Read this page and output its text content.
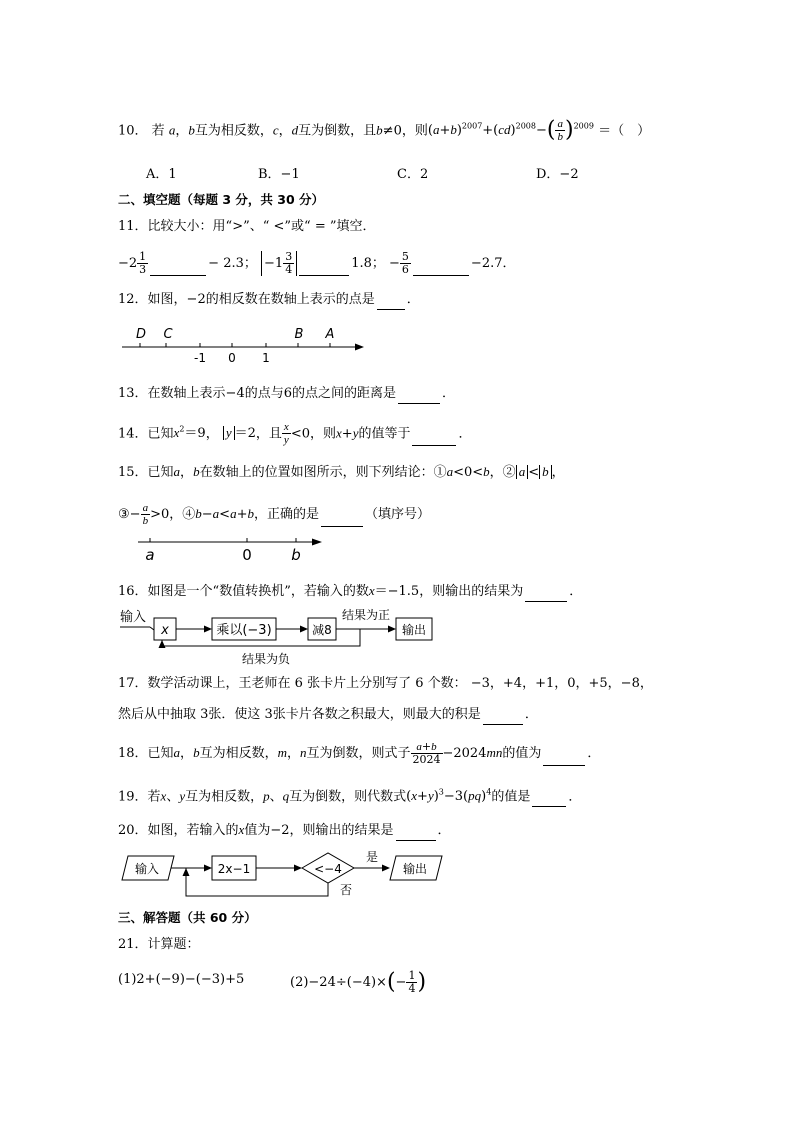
10． 若 a，b互为相反数，c，d互为倒数，且b≠0，则$(a+b)^{2007}+(cd)^{2008}-( \frac{a}{b} )^{2009}$ ＝（　）
A．1	B．−1	C．2	D．−2
二、填空题（每题 3 分，共 30 分）
11．比较大小：用“>”、“ <”或“ = ”填空．
$-2 \frac{1}{3}$	− 2.3； $-1 \frac{3}{4}$	1.8； − $\frac{5}{6}$	−2.7．
12．如图，−2的相反数在数轴上表示的点是 ．
D C	B A
-1 0 1
13．在数轴上表示−4的点与6的点之间的距离是	．
14．已知$x^2=9$， y ＝2，且 $\frac{x}{y} <0$，则x+y的值等于	．
15．已知a，b在数轴上的位置如图所示，则下列结论：①a<0<b，② a < b ，
③− $\frac{a}{b} >0$，④b−a<a+b，正确的是	（填序号）
a	0	b
16．如图是一个“数值转换机”，若输入的数x＝−1.5，则输出的结果为	．
输入
x	乘以(−3)	减8
结果为正
输出
结果为负
17．数学活动课上，王老师在 6 张卡片上分别写了 6 个数： −3，+4，+1，0，+5，−8，
然后从中抽取 3张．使这 3张卡片各数之积最大，则最大的积是	．
18．已知a，b互为相反数，m，n互为倒数，则式子 $\frac{a+b}{2024} -2024mn$的值为	．
19．若x、y互为相反数，p、q互为倒数，则代数式$(x+y)^3-3(pq)^4$的值是	．
20．如图，若输入的x值为−2，则输出的结果是	．
输入	2x−1	<−4
是
输出
否
三、解答题（共 60 分）
21．计算题：
(1)2+(−9)−(−3)+5	$(2)-24\div(-4)\times(- \frac{1}{4}$ )
